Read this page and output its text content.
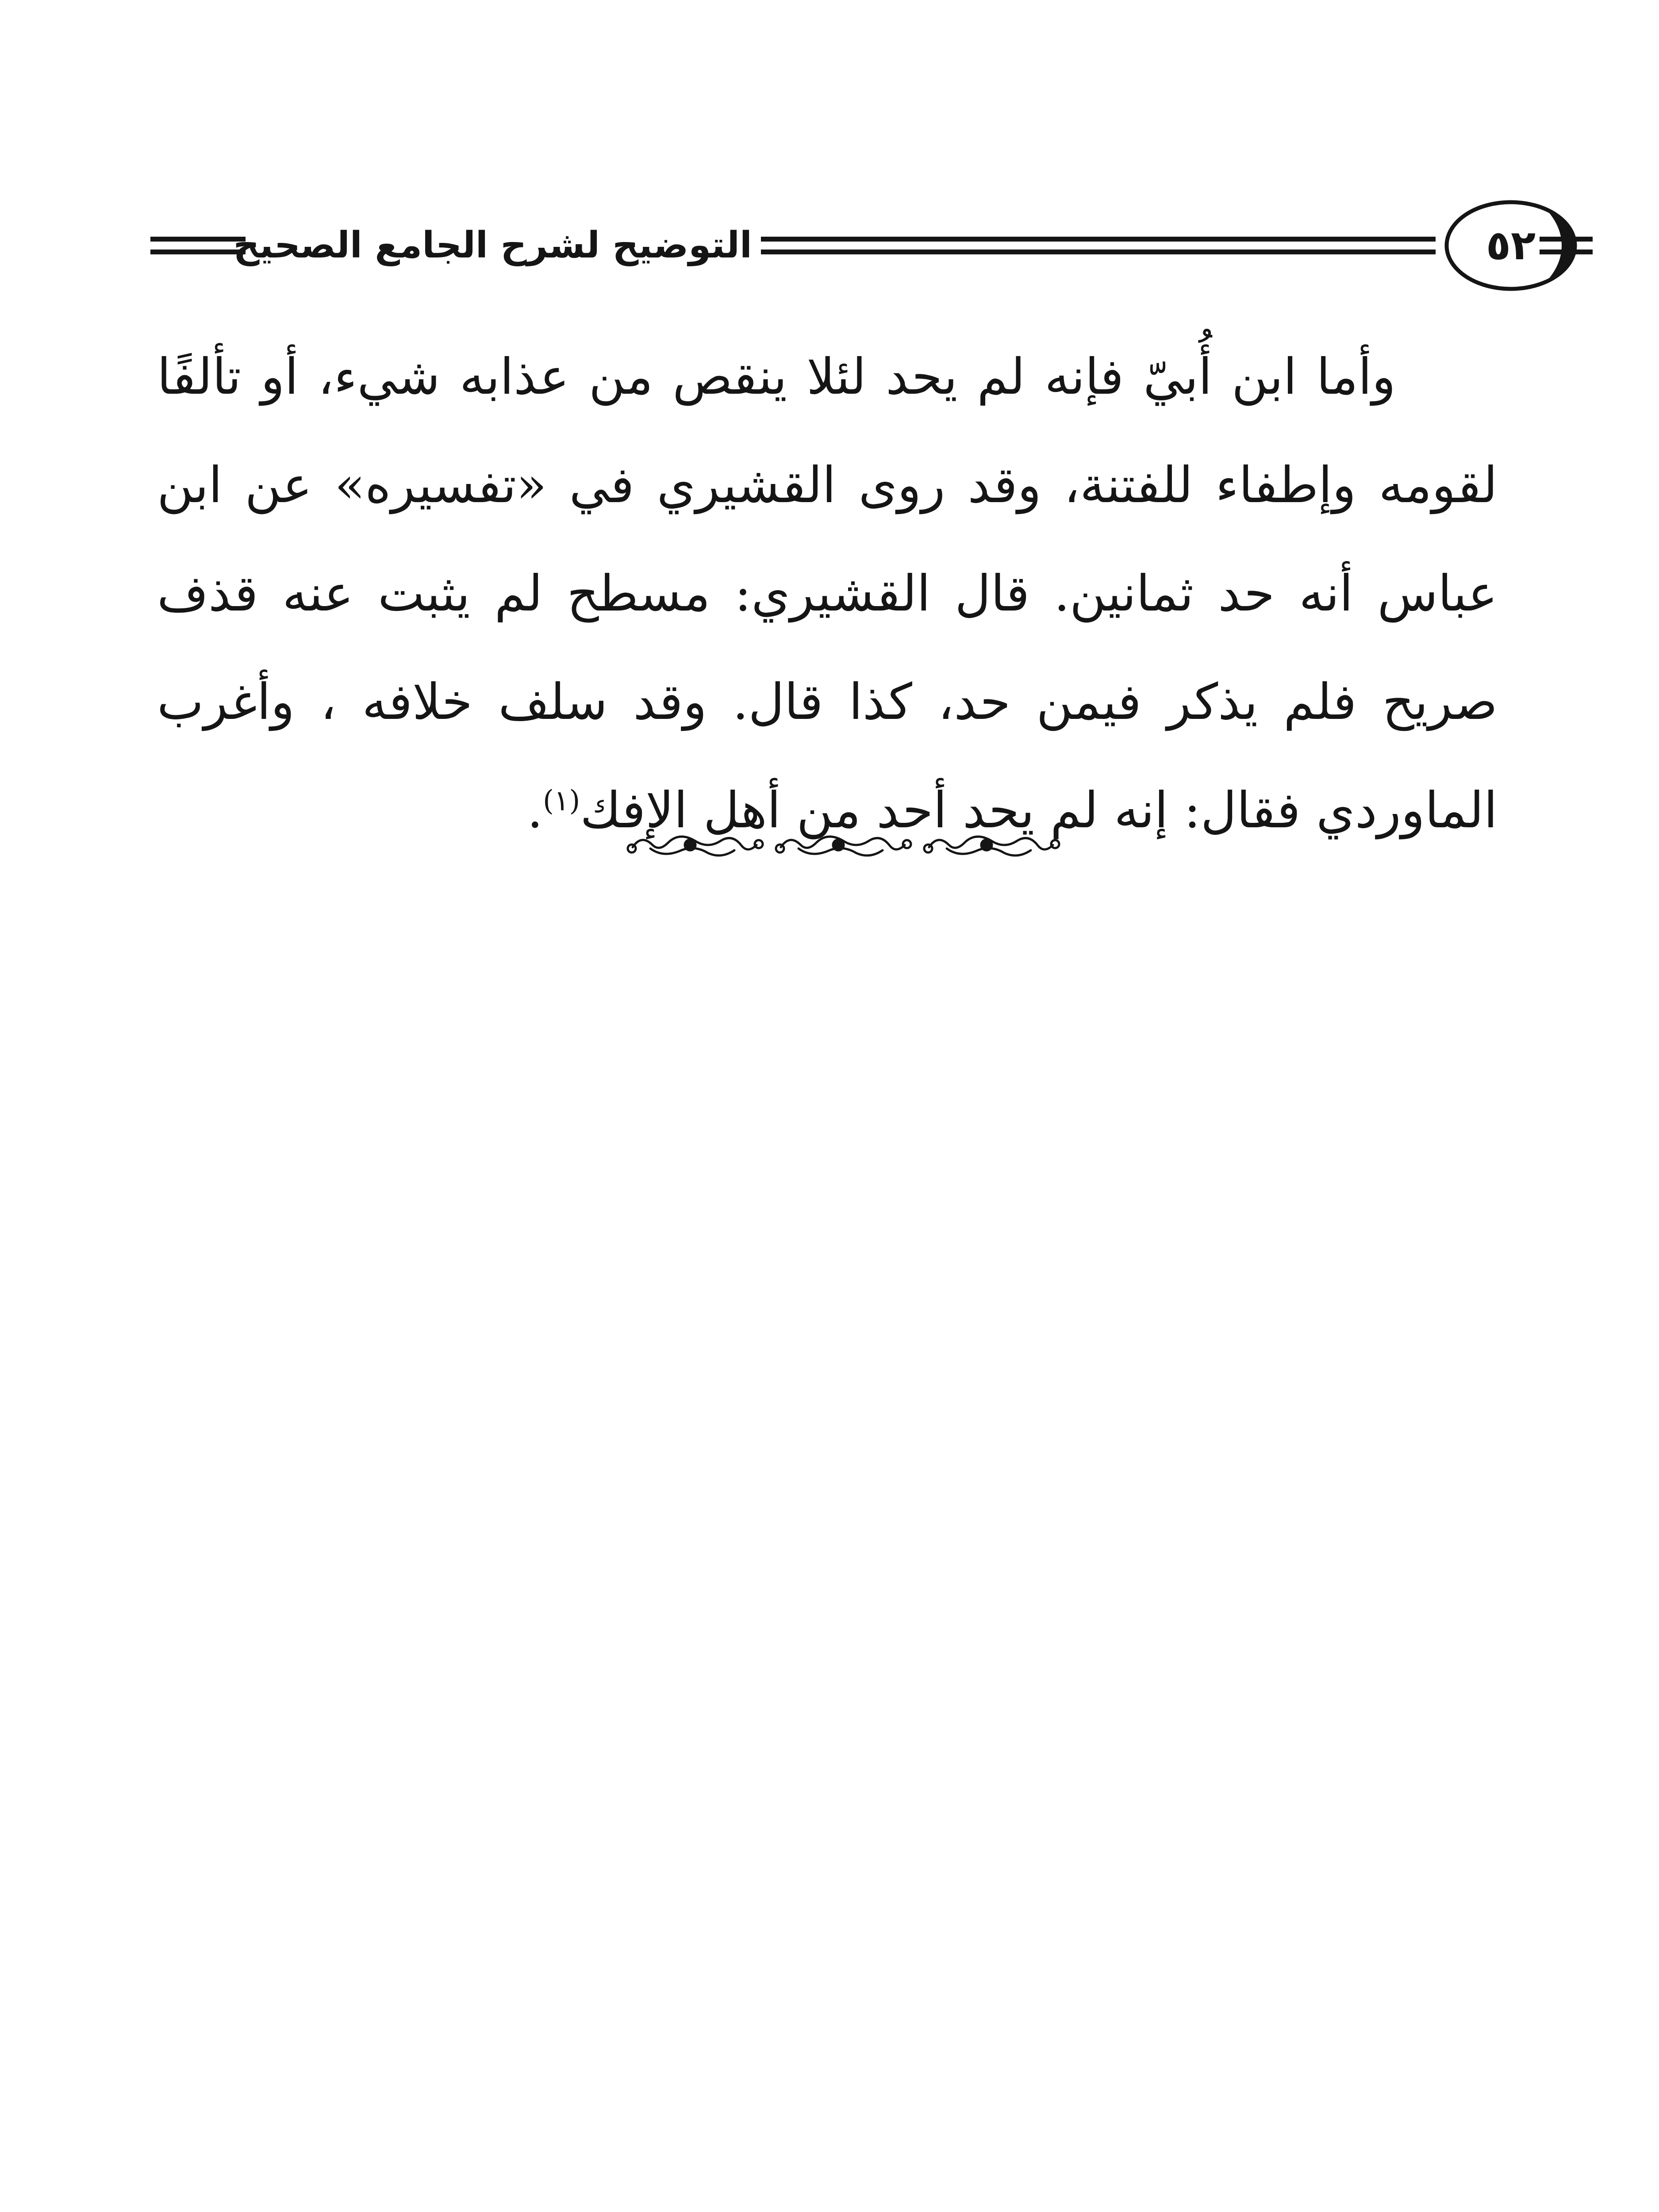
التوضيح لشرح الجامع الصحيح	٥٢

وأما ابن أُبيّ فإنه لم يحد لئلا ينقص من عذابه شيء، أو تألفًا لقومه وإطفاء للفتنة، وقد روى القشيري في «تفسيره» عن ابن عباس أنه حد ثمانين. قال القشيري: مسطح لم يثبت عنه قذف صريح فلم يذكر فيمن حد، كذا قال. وقد سلف خلافه ، وأغرب الماوردي فقال: إنه لم يحد أحد من أهل الإفك$^{(١)}$.
